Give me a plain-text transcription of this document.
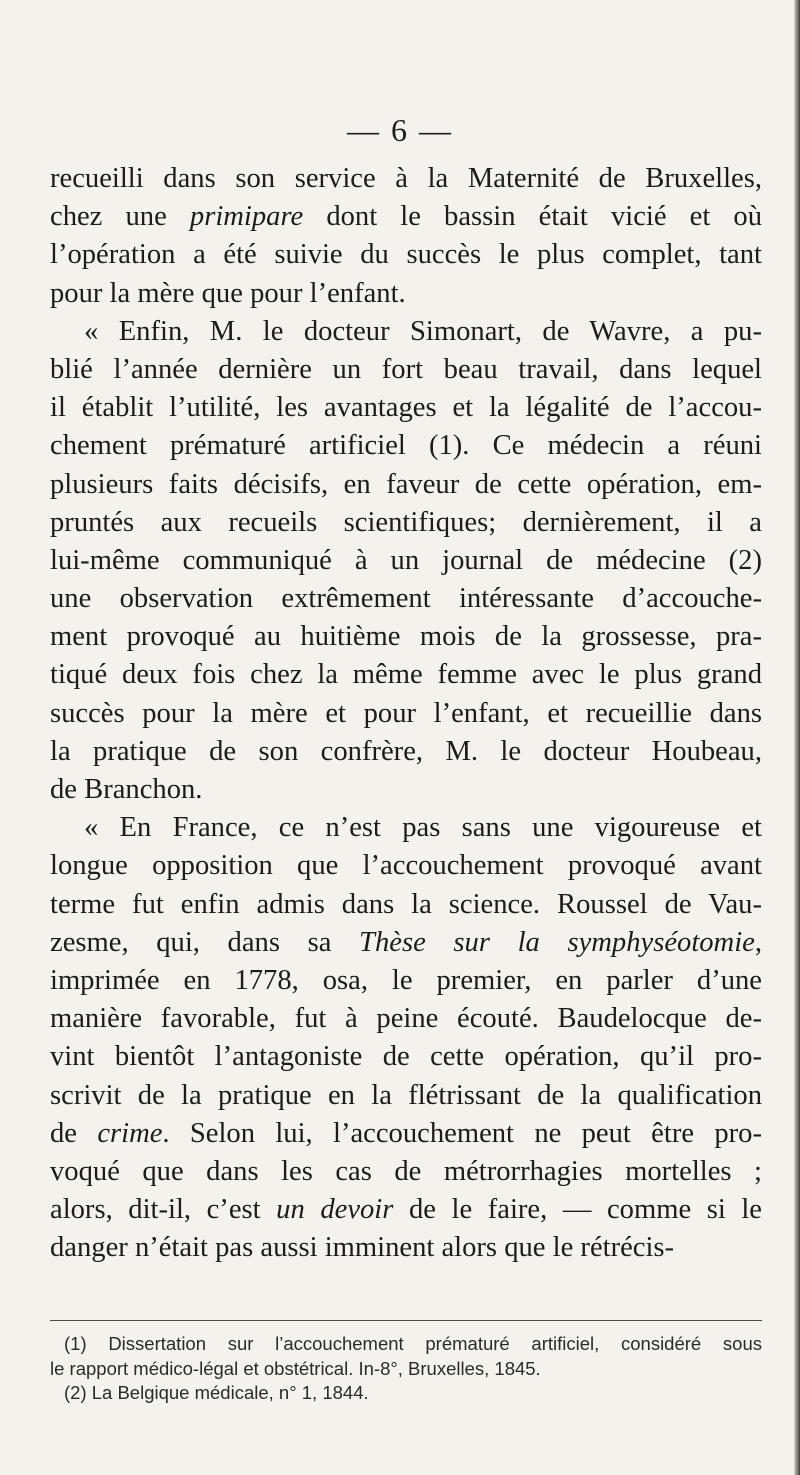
— 6 —
recueilli dans son service à la Maternité de Bruxelles,
chez une primipare dont le bassin était vicié et où
l’opération a été suivie du succès le plus complet, tant
pour la mère que pour l’enfant.
« Enfin, M. le docteur Simonart, de Wavre, a pu-
blié l’année dernière un fort beau travail, dans lequel
il établit l’utilité, les avantages et la légalité de l’accou-
chement prématuré artificiel (1). Ce médecin a réuni
plusieurs faits décisifs, en faveur de cette opération, em-
pruntés aux recueils scientifiques; dernièrement, il a
lui-même communiqué à un journal de médecine (2)
une observation extrêmement intéressante d’accouche-
ment provoqué au huitième mois de la grossesse, pra-
tiqué deux fois chez la même femme avec le plus grand
succès pour la mère et pour l’enfant, et recueillie dans
la pratique de son confrère, M. le docteur Houbeau,
de Branchon.
« En France, ce n’est pas sans une vigoureuse et
longue opposition que l’accouchement provoqué avant
terme fut enfin admis dans la science. Roussel de Vau-
zesme, qui, dans sa Thèse sur la symphyséotomie,
imprimée en 1778, osa, le premier, en parler d’une
manière favorable, fut à peine écouté. Baudelocque de-
vint bientôt l’antagoniste de cette opération, qu’il pro-
scrivit de la pratique en la flétrissant de la qualification
de crime. Selon lui, l’accouchement ne peut être pro-
voqué que dans les cas de métrorrhagies mortelles ;
alors, dit-il, c’est un devoir de le faire, — comme si le
danger n’était pas aussi imminent alors que le rétrécis-
(1) Dissertation sur l’accouchement prématuré artificiel, considéré sous
le rapport médico-légal et obstétrical. In-8°, Bruxelles, 1845.
(2) La Belgique médicale, n° 1, 1844.
